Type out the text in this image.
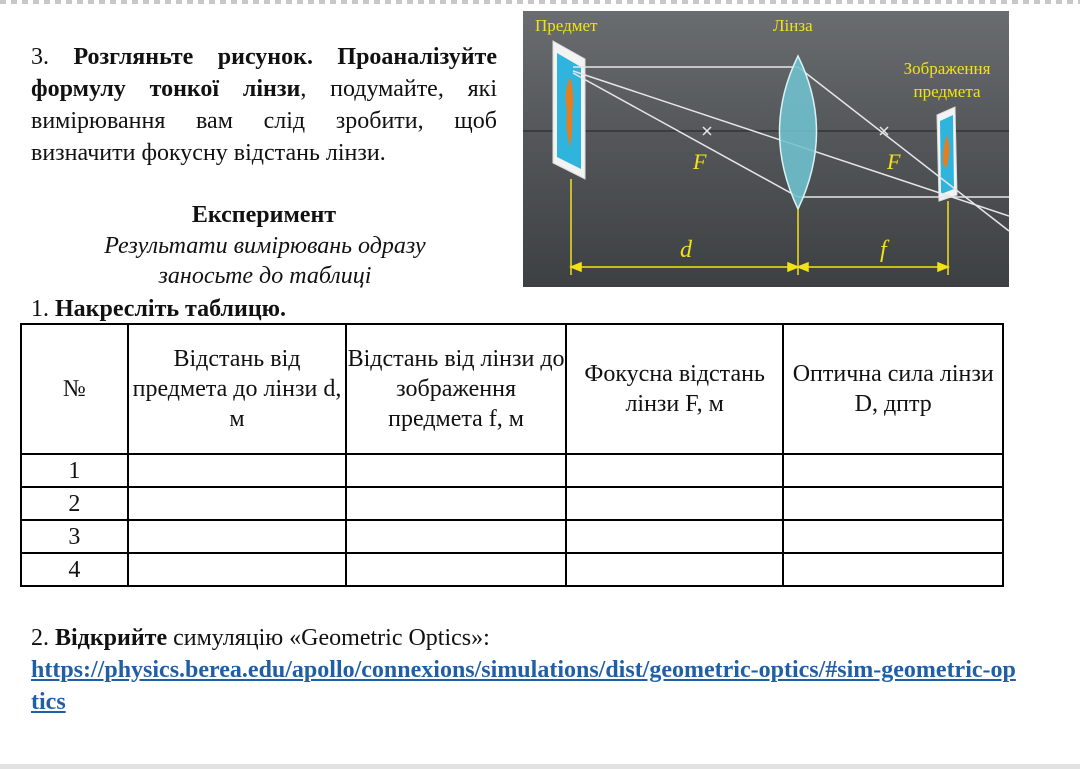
3. Розгляньте рисунок. Проаналізуйте формулу тонкої лінзи, подумайте, які вимірювання вам слід зробити, щоб визначити фокусну відстань лінзи.

Експеримент
Результати вимірювань одразу заносьте до таблиці
1. Накресліть таблицю.
Предмет	Лінза
Зображення
предмета
F	F
d	f
№	Відстань від предмета до лінзи d, м	Відстань від лінзи до зображення предмета f, м	Фокусна відстань лінзи F, м	Оптична сила лінзи D, дптр
1				
2				
3				
4				
2. Відкрийте симуляцію «Geometric Optics»:
https://physics.berea.edu/apollo/connexions/simulations/dist/geometric-optics/#sim-geometric-optics
